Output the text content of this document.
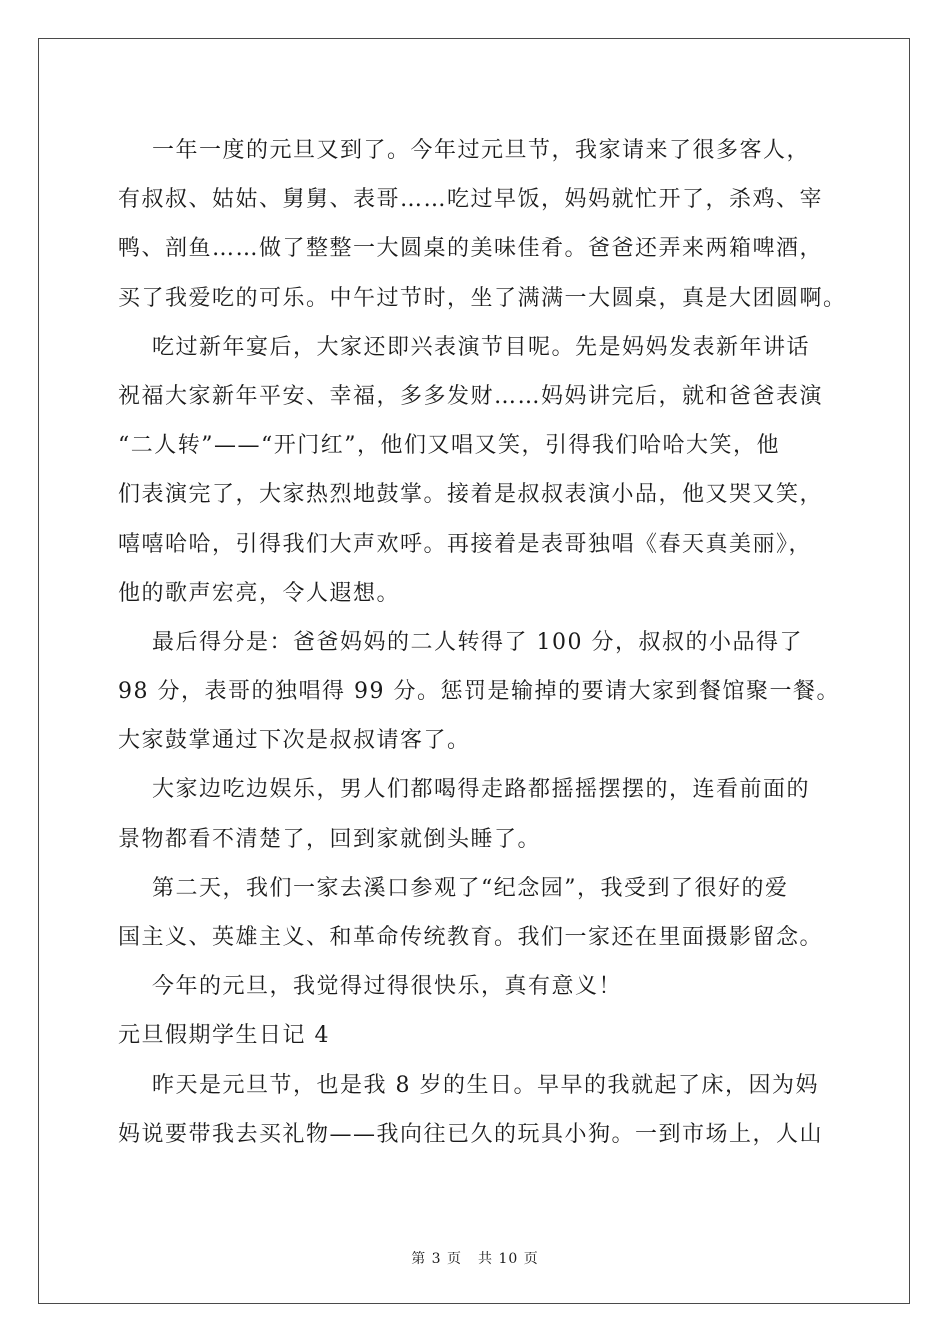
一年一度的元旦又到了。今年过元旦节，我家请来了很多客人，
有叔叔、姑姑、舅舅、表哥……吃过早饭，妈妈就忙开了，杀鸡、宰
鸭、剖鱼……做了整整一大圆桌的美味佳肴。爸爸还弄来两箱啤酒，
买了我爱吃的可乐。中午过节时，坐了满满一大圆桌，真是大团圆啊。
吃过新年宴后，大家还即兴表演节目呢。先是妈妈发表新年讲话
祝福大家新年平安、幸福，多多发财……妈妈讲完后，就和爸爸表演
“二人转”——“开门红”，他们又唱又笑，引得我们哈哈大笑，他
们表演完了，大家热烈地鼓掌。接着是叔叔表演小品，他又哭又笑，
嘻嘻哈哈，引得我们大声欢呼。再接着是表哥独唱《春天真美丽》，
他的歌声宏亮，令人遐想。
最后得分是：爸爸妈妈的二人转得了 100 分，叔叔的小品得了
98 分，表哥的独唱得 99 分。惩罚是输掉的要请大家到餐馆聚一餐。
大家鼓掌通过下次是叔叔请客了。
大家边吃边娱乐，男人们都喝得走路都摇摇摆摆的，连看前面的
景物都看不清楚了，回到家就倒头睡了。
第二天，我们一家去溪口参观了“纪念园”，我受到了很好的爱
国主义、英雄主义、和革命传统教育。我们一家还在里面摄影留念。
今年的元旦，我觉得过得很快乐，真有意义！
元旦假期学生日记 4
昨天是元旦节，也是我 8 岁的生日。早早的我就起了床，因为妈
妈说要带我去买礼物——我向往已久的玩具小狗。一到市场上，人山
第 3 页 共 10 页
